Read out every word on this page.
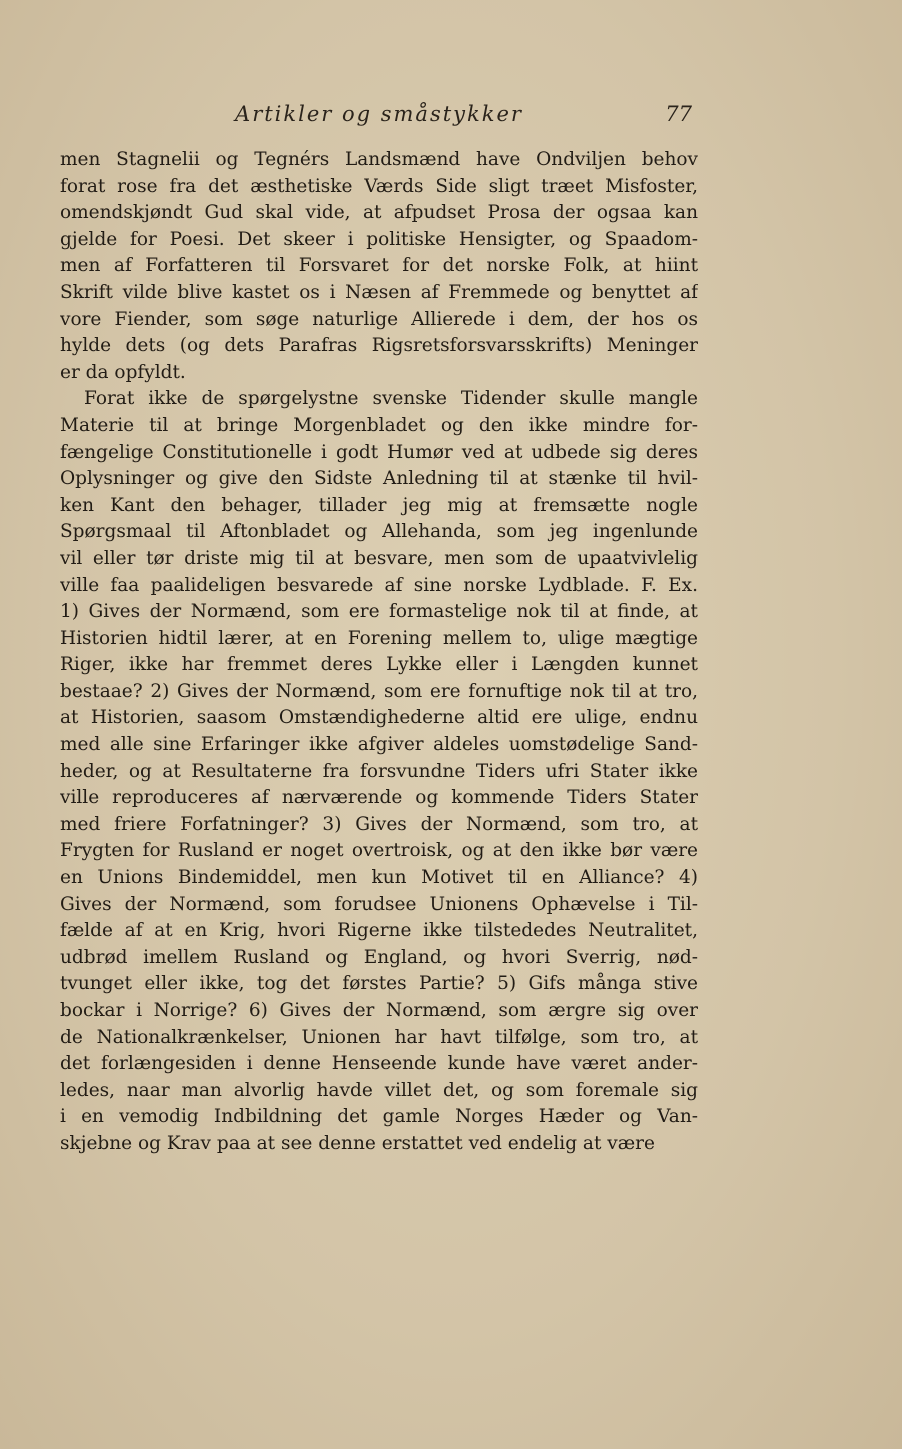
Artikler og småstykker	77
men Stagnelii og Tegnérs Landsmænd have Ondviljen behov
forat rose fra det æsthetiske Værds Side sligt træet Misfoster,
omendskjøndt Gud skal vide, at afpudset Prosa der ogsaa kan
gjelde for Poesi. Det skeer i politiske Hensigter, og Spaadom-
men af Forfatteren til Forsvaret for det norske Folk, at hiint
Skrift vilde blive kastet os i Næsen af Fremmede og benyttet af
vore Fiender, som søge naturlige Allierede i dem, der hos os
hylde dets (og dets Parafras Rigsretsforsvarsskrifts) Meninger
er da opfyldt.
Forat ikke de spørgelystne svenske Tidender skulle mangle
Materie til at bringe Morgenbladet og den ikke mindre for-
fængelige Constitutionelle i godt Humør ved at udbede sig deres
Oplysninger og give den Sidste Anledning til at stænke til hvil-
ken Kant den behager, tillader jeg mig at fremsætte nogle
Spørgsmaal til Aftonbladet og Allehanda, som jeg ingenlunde
vil eller tør driste mig til at besvare, men som de upaatvivlelig
ville faa paalideligen besvarede af sine norske Lydblade. F. Ex.
1) Gives der Normænd, som ere formastelige nok til at finde, at
Historien hidtil lærer, at en Forening mellem to, ulige mægtige
Riger, ikke har fremmet deres Lykke eller i Længden kunnet
bestaae? 2) Gives der Normænd, som ere fornuftige nok til at tro,
at Historien, saasom Omstændighederne altid ere ulige, endnu
med alle sine Erfaringer ikke afgiver aldeles uomstødelige Sand-
heder, og at Resultaterne fra forsvundne Tiders ufri Stater ikke
ville reproduceres af nærværende og kommende Tiders Stater
med friere Forfatninger? 3) Gives der Normænd, som tro, at
Frygten for Rusland er noget overtroisk, og at den ikke bør være
en Unions Bindemiddel, men kun Motivet til en Alliance? 4)
Gives der Normænd, som forudsee Unionens Ophævelse i Til-
fælde af at en Krig, hvori Rigerne ikke tilstededes Neutralitet,
udbrød imellem Rusland og England, og hvori Sverrig, nød-
tvunget eller ikke, tog det førstes Partie? 5) Gifs många stive
bockar i Norrige? 6) Gives der Normænd, som ærgre sig over
de Nationalkrænkelser, Unionen har havt tilfølge, som tro, at
det forlængesiden i denne Henseende kunde have været ander-
ledes, naar man alvorlig havde villet det, og som foremale sig
i en vemodig Indbildning det gamle Norges Hæder og Van-
skjebne og Krav paa at see denne erstattet ved endelig at være
